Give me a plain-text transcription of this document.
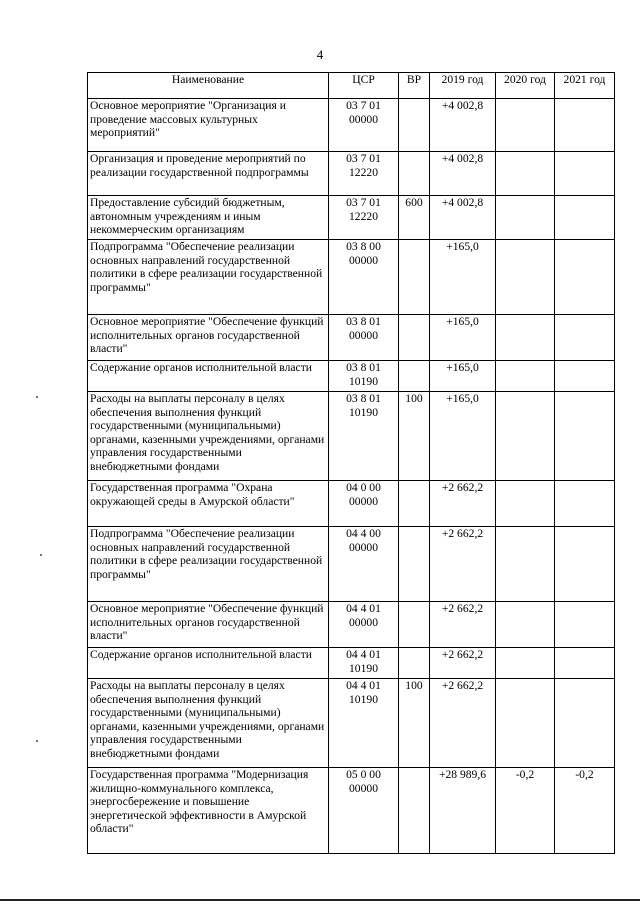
4
Наименование	ЦСР	ВР	2019 год	2020 год	2021 год
Основное мероприятие "Организация и проведение массовых культурных мероприятий"	03 7 01 00000		+4 002,8		
Организация и проведение мероприятий по реализации государственной подпрограммы	03 7 01 12220		+4 002,8		
Предоставление субсидий бюджетным, автономным учреждениям и иным некоммерческим организациям	03 7 01 12220	600	+4 002,8		
Подпрограмма "Обеспечение реализации основных направлений государственной политики в сфере реализации государственной программы"	03 8 00 00000		+165,0		
Основное мероприятие "Обеспечение функций исполнительных органов государственной власти"	03 8 01 00000		+165,0		
Содержание органов исполнительной власти	03 8 01 10190		+165,0		
Расходы на выплаты персоналу в целях обеспечения выполнения функций государственными (муниципальными) органами, казенными учреждениями, органами управления государственными внебюджетными фондами	03 8 01 10190	100	+165,0		
Государственная программа "Охрана окружающей среды в Амурской области"	04 0 00 00000		+2 662,2		
Подпрограмма "Обеспечение реализации основных направлений государственной политики в сфере реализации государственной программы"	04 4 00 00000		+2 662,2		
Основное мероприятие "Обеспечение функций исполнительных органов государственной власти"	04 4 01 00000		+2 662,2		
Содержание органов исполнительной власти	04 4 01 10190		+2 662,2		
Расходы на выплаты персоналу в целях обеспечения выполнения функций государственными (муниципальными) органами, казенными учреждениями, органами управления государственными внебюджетными фондами	04 4 01 10190	100	+2 662,2		
Государственная программа "Модернизация жилищно-коммунального комплекса, энергосбережение и повышение энергетической эффективности в Амурской области"	05 0 00 00000		+28 989,6	-0,2	-0,2
